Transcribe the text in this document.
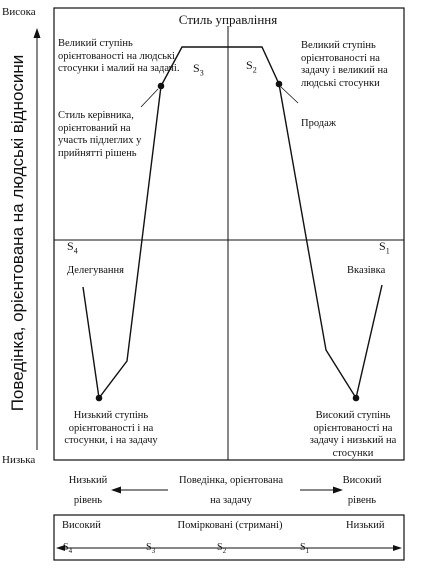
Поведінка, орієнтована на людські відносини
Висока
Низька
Стиль управління
$S_3$
$S_2$
$S_4$	$S_1$
Великий ступінь орієнтованості на людські стосунки і малий на задачі.
Стиль керівника, орієнтований на участь підлеглих у прийнятті рішень
Великий ступінь орієнтованості на задачу і великий на людські стосунки
Продаж
Делегування	Вказівка
Низький ступінь орієнтованості і на стосунки, і на задачу
Високий ступінь орієнтованості на задачу і низький на стосунки
Низький
рівень
Поведінка, орієнтована
на задачу
Високий
рівень
Високий	Помірковані (стримані)	Низький
$S_4$	$S_3$	$S_2$	$S_1$
